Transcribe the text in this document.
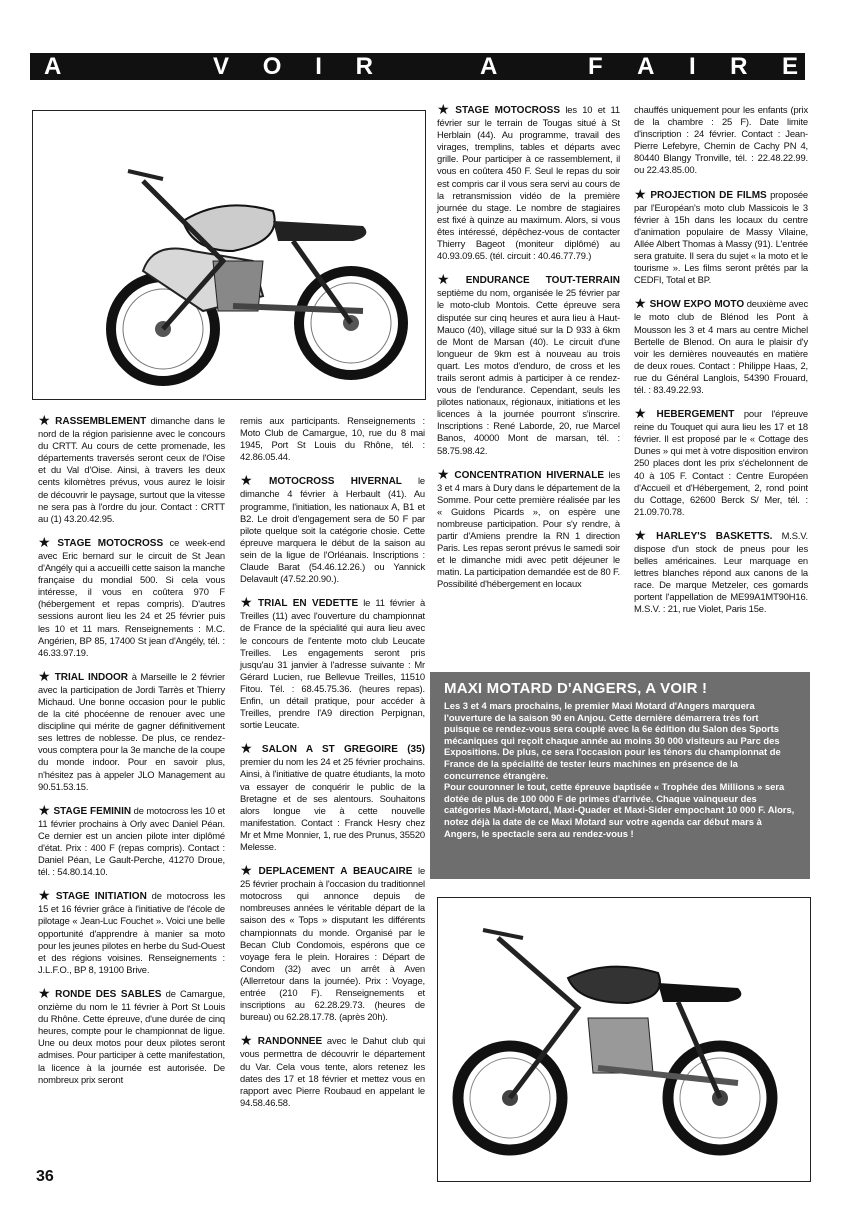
A	V O I R	A	F A I R E

★ RASSEMBLEMENT dimanche dans le nord de la région parisienne avec le concours du CRTT. Au cours de cette promenade, les départements traversés seront ceux de l'Oise et du Val d'Oise. Ainsi, à travers les deux cents kilomètres prévus, vous aurez le loisir de découvrir le paysage, surtout que la vitesse ne sera pas à l'ordre du jour. Contact : CRTT au (1) 43.20.42.95.

★ STAGE MOTOCROSS ce week-end avec Eric bernard sur le circuit de St Jean d'Angély qui a accueilli cette saison la manche française du mondial 500. Si cela vous intéresse, il vous en coûtera 970 F (hébergement et repas compris). D'autres sessions auront lieu les 24 et 25 février puis les 10 et 11 mars. Renseignements : M.C. Angérien, BP 85, 17400 St jean d'Angély, tél. : 46.33.97.19.

★ TRIAL INDOOR à Marseille le 2 février avec la participation de Jordi Tarrès et Thierry Michaud. Une bonne occasion pour le public de la cité phocéenne de renouer avec une discipline qui mérite de gagner définitivement ses lettres de noblesse. De plus, ce rendez-vous comptera pour la 3e manche de la coupe du monde indoor. Pour en savoir plus, n'hésitez pas à appeler JLO Management au 90.51.53.15.

★ STAGE FEMININ de motocross les 10 et 11 février prochains à Orly avec Daniel Péan. Ce dernier est un ancien pilote inter diplômé d'état. Prix : 400 F (repas compris). Contact : Daniel Péan, Le Gault-Perche, 41270 Droue, tél. : 54.80.14.10.

★ STAGE INITIATION de motocross les 15 et 16 février grâce à l'initiative de l'école de pilotage « Jean-Luc Fouchet ». Voici une belle opportunité d'apprendre à manier sa moto pour les jeunes pilotes en herbe du Sud-Ouest et des régions voisines. Renseignements : J.L.F.O., BP 8, 19100 Brive.

★ RONDE DES SABLES de Camargue, onzième du nom le 11 février à Port St Louis du Rhône. Cette épreuve, d'une durée de cinq heures, compte pour le championnat de ligue. Une ou deux motos pour deux pilotes seront admises. Pour participer à cette manifestation, la licence à la journée est autorisée. De nombreux prix seront

remis aux participants. Renseignements : Moto Club de Camargue, 10, rue du 8 mai 1945, Port St Louis du Rhône, tél. : 42.86.05.44.

★ MOTOCROSS HIVERNAL le dimanche 4 février à Herbault (41). Au programme, l'initiation, les nationaux A, B1 et B2. Le droit d'engagement sera de 50 F par pilote quelque soit la catégorie chosie. Cette épreuve marquera le début de la saison au sein de la ligue de l'Orléanais. Inscriptions : Claude Barat (54.46.12.26.) ou Yannick Delavault (47.52.20.90.).

★ TRIAL EN VEDETTE le 11 février à Treilles (11) avec l'ouverture du championnat de France de la spécialité qui aura lieu avec le concours de l'entente moto club Leucate Treilles. Les engagements seront pris jusqu'au 31 janvier à l'adresse suivante : Mr Gérard Lucien, rue Bellevue Treilles, 11510 Fitou. Tél. : 68.45.75.36. (heures repas). Enfin, un détail pratique, pour accéder à Treilles, prendre l'A9 direction Perpignan, sortie Leucate.

★ SALON A ST GREGOIRE (35) premier du nom les 24 et 25 février prochains. Ainsi, à l'initiative de quatre étudiants, la moto va essayer de conquérir le public de la Bretagne et de ses alentours. Souhaitons alors longue vie à cette nouvelle manifestation. Contact : Franck Hesry chez Mr et Mme Monnier, 1, rue des Prunus, 35520 Melesse.

★ DEPLACEMENT A BEAUCAIRE le 25 février prochain à l'occasion du traditionnel motocross qui annonce depuis de nombreuses années le véritable départ de la saison des « Tops » disputant les différents championnats du monde. Organisé par le Becan Club Condomois, espérons que ce voyage fera le plein. Horaires : Départ de Condom (32) avec un arrêt à Aven (Allerretour dans la journée). Prix : Voyage, entrée (210 F). Renseignements et inscriptions au 62.28.29.73. (heures de bureau) ou 62.28.17.78. (après 20h).

★ RANDONNEE avec le Dahut club qui vous permettra de découvrir le département du Var. Cela vous tente, alors retenez les dates des 17 et 18 février et mettez vous en rapport avec Pierre Roubaud en appelant le 94.58.46.58.

★ STAGE MOTOCROSS les 10 et 11 février sur le terrain de Tougas situé à St Herblain (44). Au programme, travail des virages, tremplins, tables et départs avec grille. Pour participer à ce rassemblement, il vous en coûtera 450 F. Seul le repas du soir est compris car il vous sera servi au cours de la retransmission vidéo de la première journée du stage. Le nombre de stagiaires est fixé à quinze au maximum. Alors, si vous êtes intéressé, dépêchez-vous de contacter Thierry Bageot (moniteur diplômé) au 40.93.09.65. (tél. circuit : 40.46.77.79.)

★ ENDURANCE TOUT-TERRAIN septième du nom, organisée le 25 février par le moto-club Montois. Cette épreuve sera disputée sur cinq heures et aura lieu à Haut-Mauco (40), village situé sur la D 933 à 6km de Mont de Marsan (40). Le circuit d'une longueur de 9km est à nouveau au trois quart. Les motos d'enduro, de cross et les trails seront admis à participer à ce rendez-vous de l'endurance. Cependant, seuls les pilotes nationaux, régionaux, initiations et les licences à la journée pourront s'inscrire. Inscriptions : René Laborde, 20, rue Marcel Banos, 40000 Mont de marsan, tél. : 58.75.98.42.

★ CONCENTRATION HIVERNALE les 3 et 4 mars à Dury dans le département de la Somme. Pour cette première réalisée par les « Guidons Picards », on espère une nombreuse participation. Pour s'y rendre, à partir d'Amiens prendre la RN 1 direction Paris. Les repas seront prévus le samedi soir et le dimanche midi avec petit déjeuner le matin. La participation demandée est de 80 F. Possibilité d'hébergement en locaux

chauffés uniquement pour les enfants (prix de la chambre : 25 F). Date limite d'inscription : 24 février. Contact : Jean-Pierre Lefebyre, Chemin de Cachy PN 4, 80440 Blangy Tronville, tél. : 22.48.22.99. ou 22.43.85.00.

★ PROJECTION DE FILMS proposée par l'Européan's moto club Massicois le 3 février à 15h dans les locaux du centre d'animation populaire de Massy Vilaine, Allée Albert Thomas à Massy (91). L'entrée sera gratuite. Il sera du sujet « la moto et le tourisme ». Les films seront prêtés par la CEDFI, Total et BP.

★ SHOW EXPO MOTO deuxième avec le moto club de Blénod les Pont à Mousson les 3 et 4 mars au centre Michel Bertelle de Blenod. On aura le plaisir d'y voir les dernières nouveautés en matière de deux roues. Contact : Philippe Haas, 2, rue du Général Langlois, 54390 Frouard, tél. : 83.49.22.93.

★ HEBERGEMENT pour l'épreuve reine du Touquet qui aura lieu les 17 et 18 février. Il est proposé par le « Cottage des Dunes » qui met à votre disposition environ 250 places dont les prix s'échelonnent de 40 à 105 F. Contact : Centre Européen d'Accueil et d'Hébergement, 2, rond point du Cottage, 62600 Berck S/ Mer, tél. : 21.09.70.78.

★ HARLEY'S BASKETTS. M.S.V. dispose d'un stock de pneus pour les belles américaines. Leur marquage en lettres blanches répond aux canons de la race. De marque Metzeler, ces gomards portent l'appellation de ME99A1MT90H16. M.S.V. : 21, rue Violet, Paris 15e.

MAXI MOTARD D'ANGERS, A VOIR !

Les 3 et 4 mars prochains, le premier Maxi Motard d'Angers marquera l'ouverture de la saison 90 en Anjou. Cette dernière démarrera très fort puisque ce rendez-vous sera couplé avec la 6e édition du Salon des Sports mécaniques qui reçoit chaque année au moins 30 000 visiteurs au Parc des Expositions. De plus, ce sera l'occasion pour les ténors du championnat de France de la spécialité de tester leurs machines en présence de la concurrence étrangère.

Pour couronner le tout, cette épreuve baptisée « Trophée des Millions » sera dotée de plus de 100 000 F de primes d'arrivée. Chaque vainqueur des catégories Maxi-Motard, Maxi-Quader et Maxi-Sider empochant 10 000 F. Alors, notez déjà la date de ce Maxi Motard sur votre agenda car début mars à Angers, le spectacle sera au rendez-vous !

36
